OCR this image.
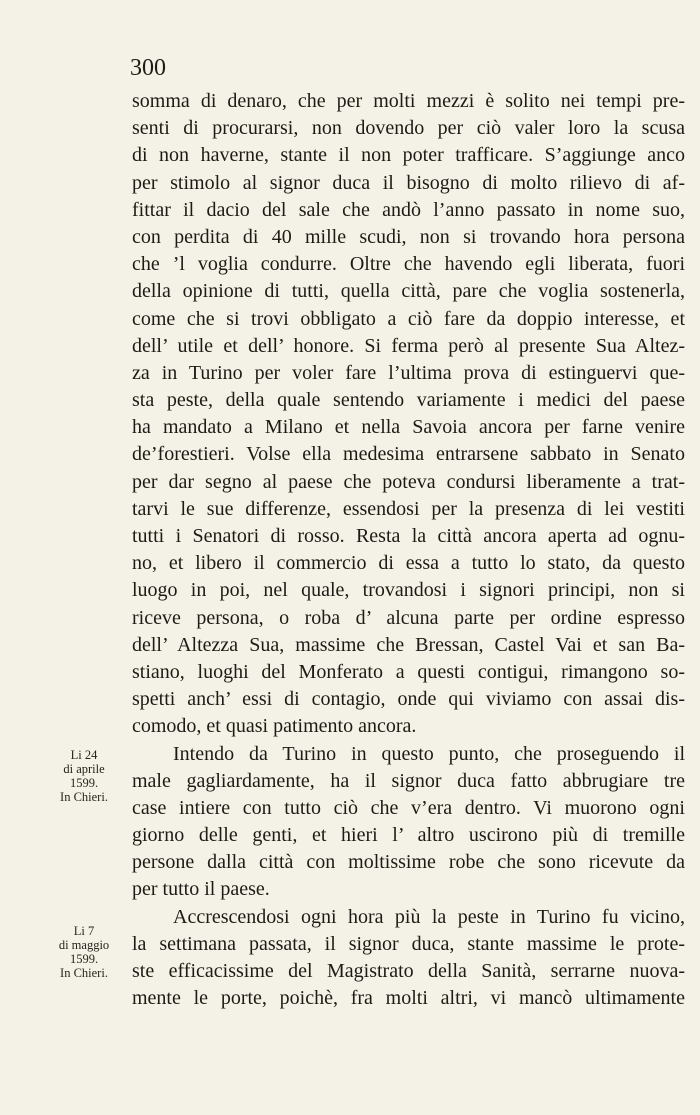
300
somma di denaro, che per molti mezzi è solito nei tempi pre-
senti di procurarsi, non dovendo per ciò valer loro la scusa
di non haverne, stante il non poter trafficare. S’aggiunge anco
per stimolo al signor duca il bisogno di molto rilievo di af-
fittar il dacio del sale che andò l’anno passato in nome suo,
con perdita di 40 mille scudi, non si trovando hora persona
che ’l voglia condurre. Oltre che havendo egli liberata, fuori
della opinione di tutti, quella città, pare che voglia sostenerla,
come che si trovi obbligato a ciò fare da doppio interesse, et
dell’ utile et dell’ honore. Si ferma però al presente Sua Altez-
za in Turino per voler fare l’ultima prova di estinguervi que-
sta peste, della quale sentendo variamente i medici del paese
ha mandato a Milano et nella Savoia ancora per farne venire
de’forestieri. Volse ella medesima entrarsene sabbato in Senato
per dar segno al paese che poteva condursi liberamente a trat-
tarvi le sue differenze, essendosi per la presenza di lei vestiti
tutti i Senatori di rosso. Resta la città ancora aperta ad ognu-
no, et libero il commercio di essa a tutto lo stato, da questo
luogo in poi, nel quale, trovandosi i signori principi, non si
riceve persona, o roba d’ alcuna parte per ordine espresso
dell’ Altezza Sua, massime che Bressan, Castel Vai et san Ba-
stiano, luoghi del Monferato a questi contigui, rimangono so-
spetti anch’ essi di contagio, onde qui viviamo con assai dis-
comodo, et quasi patimento ancora.
Intendo da Turino in questo punto, che proseguendo il
male gagliardamente, ha il signor duca fatto abbrugiare tre
case intiere con tutto ciò che v’era dentro. Vi muorono ogni
giorno delle genti, et hieri l’ altro uscirono più di tremille
persone dalla città con moltissime robe che sono ricevute da
per tutto il paese.
Accrescendosi ogni hora più la peste in Turino fu vicino,
la settimana passata, il signor duca, stante massime le prote-
ste efficacissime del Magistrato della Sanità, serrarne nuova-
mente le porte, poichè, fra molti altri, vi mancò ultimamente
Li 24
di aprile
1599.
In Chieri.
Li 7
di maggio
1599.
In Chieri.
